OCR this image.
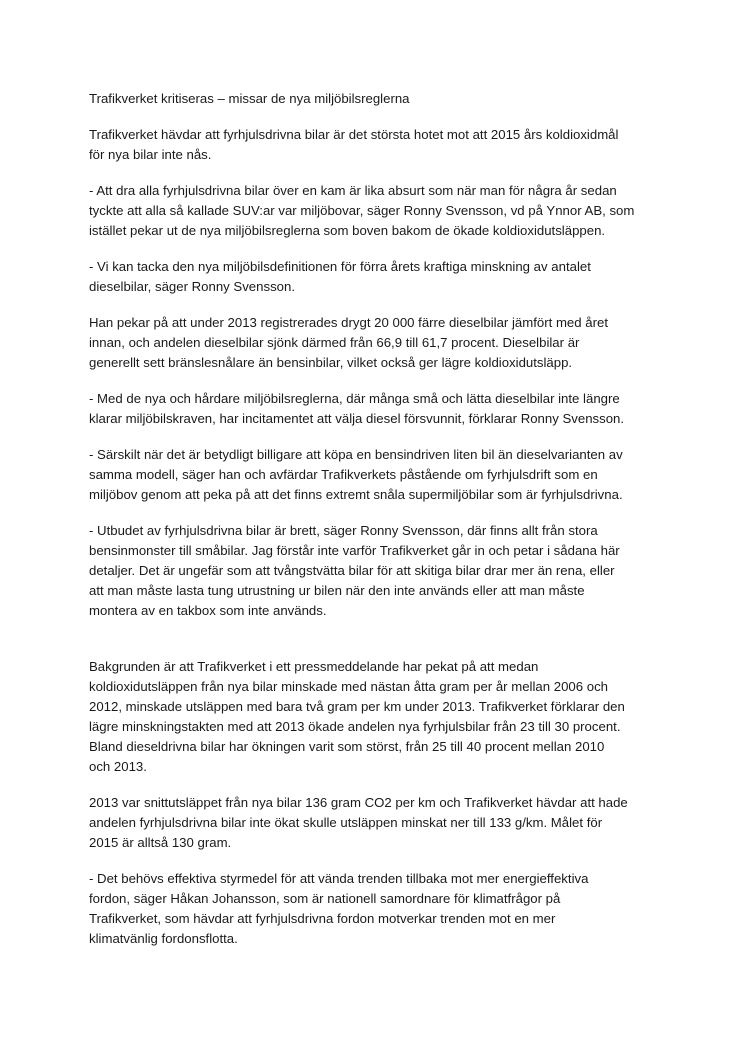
Trafikverket kritiseras – missar de nya miljöbilsreglerna

Trafikverket hävdar att fyrhjulsdrivna bilar är det största hotet mot att 2015 års koldioxidmål
för nya bilar inte nås.

- Att dra alla fyrhjulsdrivna bilar över en kam är lika absurt som när man för några år sedan
tyckte att alla så kallade SUV:ar var miljöbovar, säger Ronny Svensson, vd på Ynnor AB, som
istället pekar ut de nya miljöbilsreglerna som boven bakom de ökade koldioxidutsläppen.

- Vi kan tacka den nya miljöbilsdefinitionen för förra årets kraftiga minskning av antalet
dieselbilar, säger Ronny Svensson.

Han pekar på att under 2013 registrerades drygt 20 000 färre dieselbilar jämfört med året
innan, och andelen dieselbilar sjönk därmed från 66,9 till 61,7 procent. Dieselbilar är
generellt sett bränslesnålare än bensinbilar, vilket också ger lägre koldioxidutsläpp.

- Med de nya och hårdare miljöbilsreglerna, där många små och lätta dieselbilar inte längre
klarar miljöbilskraven, har incitamentet att välja diesel försvunnit, förklarar Ronny Svensson.

- Särskilt när det är betydligt billigare att köpa en bensindriven liten bil än dieselvarianten av
samma modell, säger han och avfärdar Trafikverkets påstående om fyrhjulsdrift som en
miljöbov genom att peka på att det finns extremt snåla supermiljöbilar som är fyrhjulsdrivna.

- Utbudet av fyrhjulsdrivna bilar är brett, säger Ronny Svensson, där finns allt från stora
bensinmonster till småbilar. Jag förstår inte varför Trafikverket går in och petar i sådana här
detaljer. Det är ungefär som att tvångstvätta bilar för att skitiga bilar drar mer än rena, eller
att man måste lasta tung utrustning ur bilen när den inte används eller att man måste
montera av en takbox som inte används.

Bakgrunden är att Trafikverket i ett pressmeddelande har pekat på att medan
koldioxidutsläppen från nya bilar minskade med nästan åtta gram per år mellan 2006 och
2012, minskade utsläppen med bara två gram per km under 2013. Trafikverket förklarar den
lägre minskningstakten med att 2013 ökade andelen nya fyrhjulsbilar från 23 till 30 procent.
Bland dieseldrivna bilar har ökningen varit som störst, från 25 till 40 procent mellan 2010
och 2013.

2013 var snittutsläppet från nya bilar 136 gram CO2 per km och Trafikverket hävdar att hade
andelen fyrhjulsdrivna bilar inte ökat skulle utsläppen minskat ner till 133 g/km. Målet för
2015 är alltså 130 gram.

- Det behövs effektiva styrmedel för att vända trenden tillbaka mot mer energieffektiva
fordon, säger Håkan Johansson, som är nationell samordnare för klimatfrågor på
Trafikverket, som hävdar att fyrhjulsdrivna fordon motverkar trenden mot en mer
klimatvänlig fordonsflotta.
